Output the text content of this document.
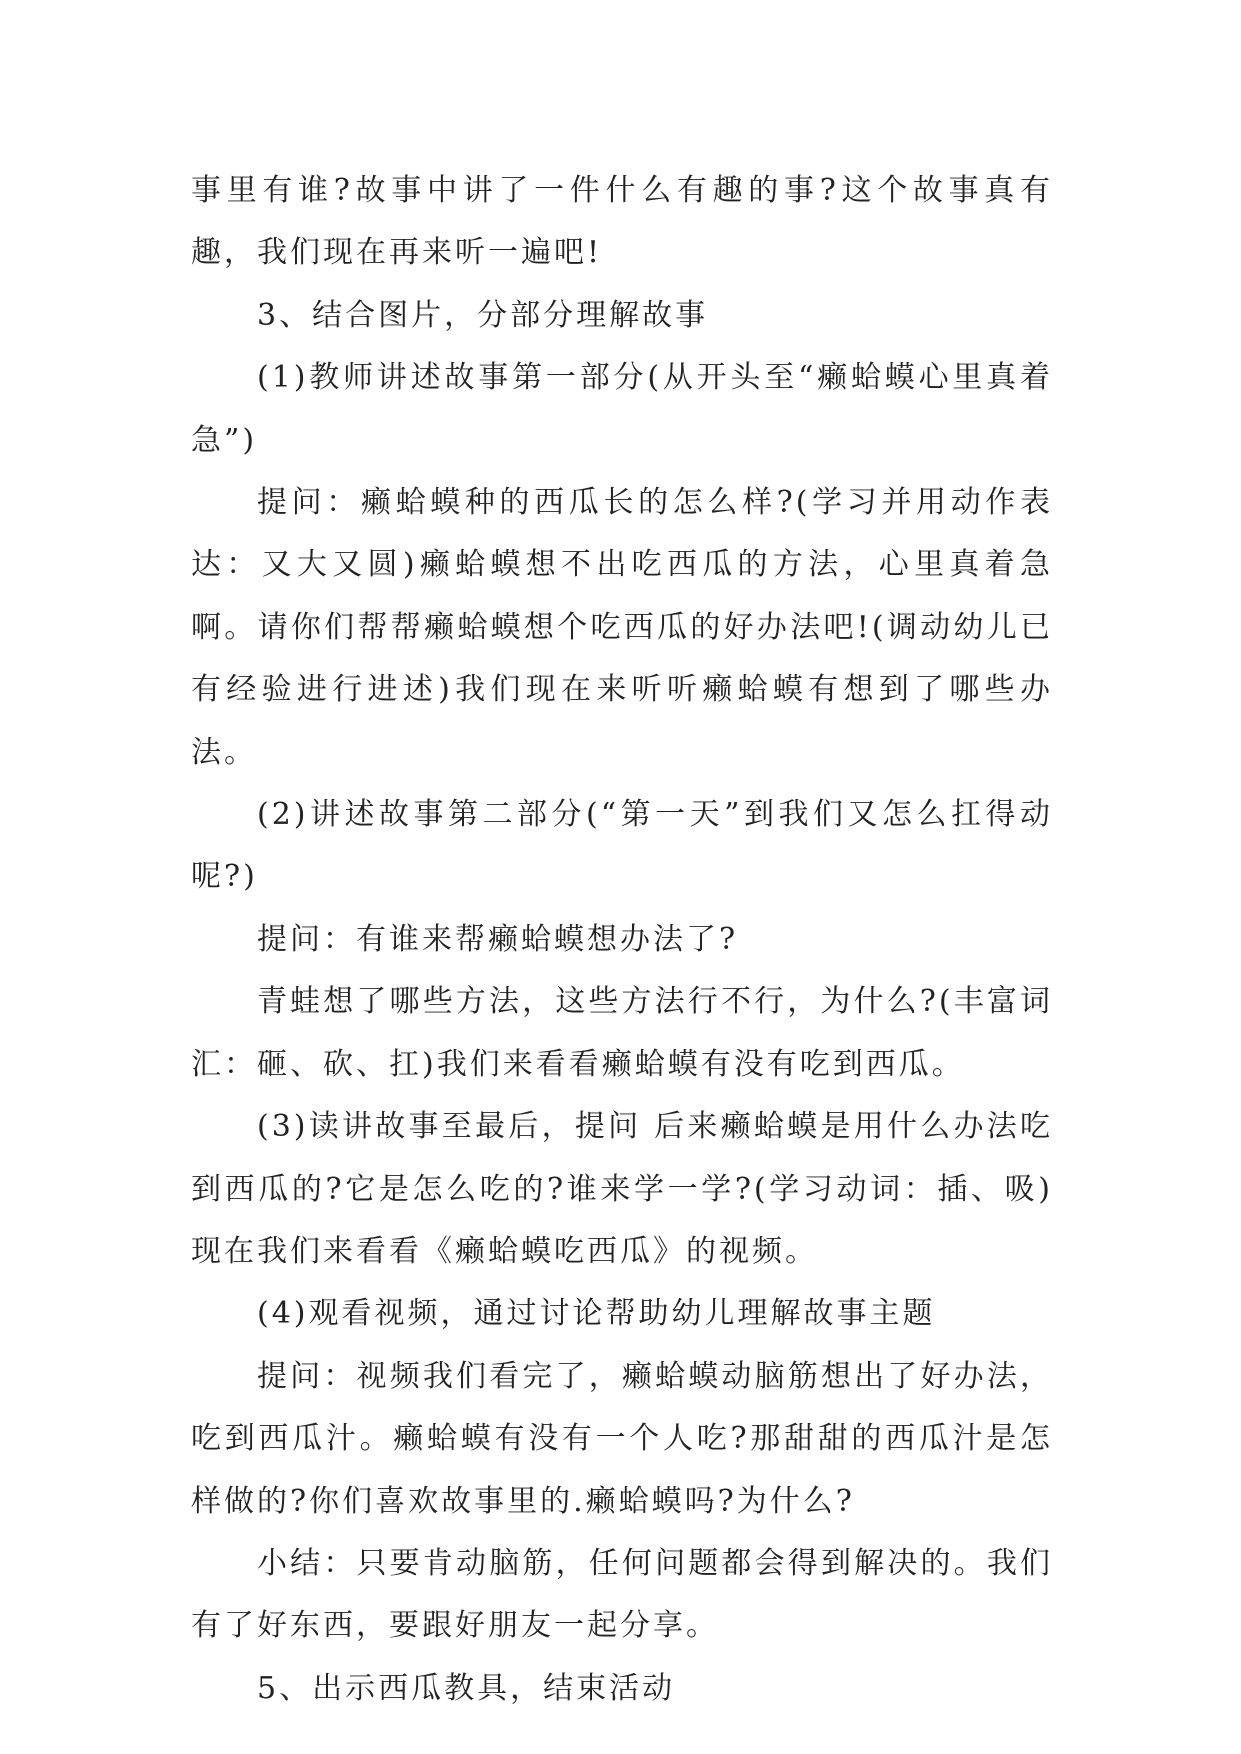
事里有谁?故事中讲了一件什么有趣的事?这个故事真有趣，我们现在再来听一遍吧!

3、结合图片，分部分理解故事

(1)教师讲述故事第一部分(从开头至“癞蛤蟆心里真着急”)

提问：癞蛤蟆种的西瓜长的怎么样?(学习并用动作表达：又大又圆)癞蛤蟆想不出吃西瓜的方法，心里真着急啊。请你们帮帮癞蛤蟆想个吃西瓜的好办法吧!(调动幼儿已有经验进行进述)我们现在来听听癞蛤蟆有想到了哪些办法。

(2)讲述故事第二部分(“第一天”到我们又怎么扛得动呢?)

提问：有谁来帮癞蛤蟆想办法了?

青蛙想了哪些方法，这些方法行不行，为什么?(丰富词汇：砸、砍、扛)我们来看看癞蛤蟆有没有吃到西瓜。

(3)读讲故事至最后，提问 后来癞蛤蟆是用什么办法吃到西瓜的?它是怎么吃的?谁来学一学?(学习动词：插、吸)现在我们来看看《癞蛤蟆吃西瓜》的视频。

(4)观看视频，通过讨论帮助幼儿理解故事主题

提问：视频我们看完了，癞蛤蟆动脑筋想出了好办法，吃到西瓜汁。癞蛤蟆有没有一个人吃?那甜甜的西瓜汁是怎样做的?你们喜欢故事里的.癞蛤蟆吗?为什么?

小结：只要肯动脑筋，任何问题都会得到解决的。我们有了好东西，要跟好朋友一起分享。

5、出示西瓜教具，结束活动
